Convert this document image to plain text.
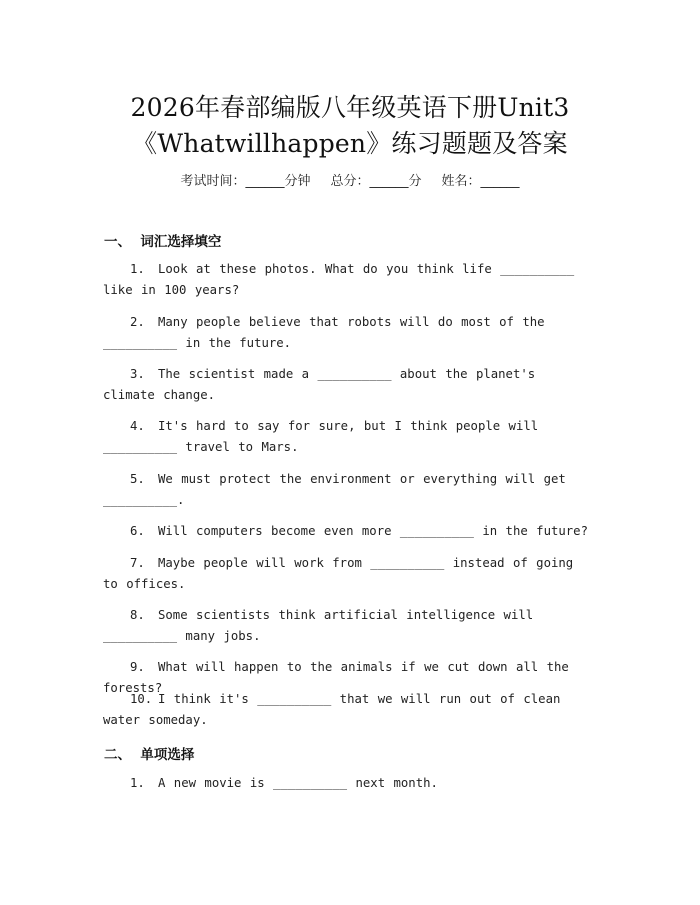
2026年春部编版八年级英语下册Unit3
《Whatwillhappen》练习题题及答案
考试时间：______分钟 总分：______分 姓名：______
一、  词汇选择填空
1. Look at these photos. What do you think life __________ like in 100 years?
2. Many people believe that robots will do most of the __________ in the future.
3. The scientist made a __________ about the planet's climate change.
4. It's hard to say for sure, but I think people will __________ travel to Mars.
5. We must protect the environment or everything will get __________.
6. Will computers become even more __________ in the future?
7. Maybe people will work from __________ instead of going to offices.
8. Some scientists think artificial intelligence will __________ many jobs.
9. What will happen to the animals if we cut down all the forests?
10. I think it's __________ that we will run out of clean water someday.
二、  单项选择
1. A new movie is __________ next month.
